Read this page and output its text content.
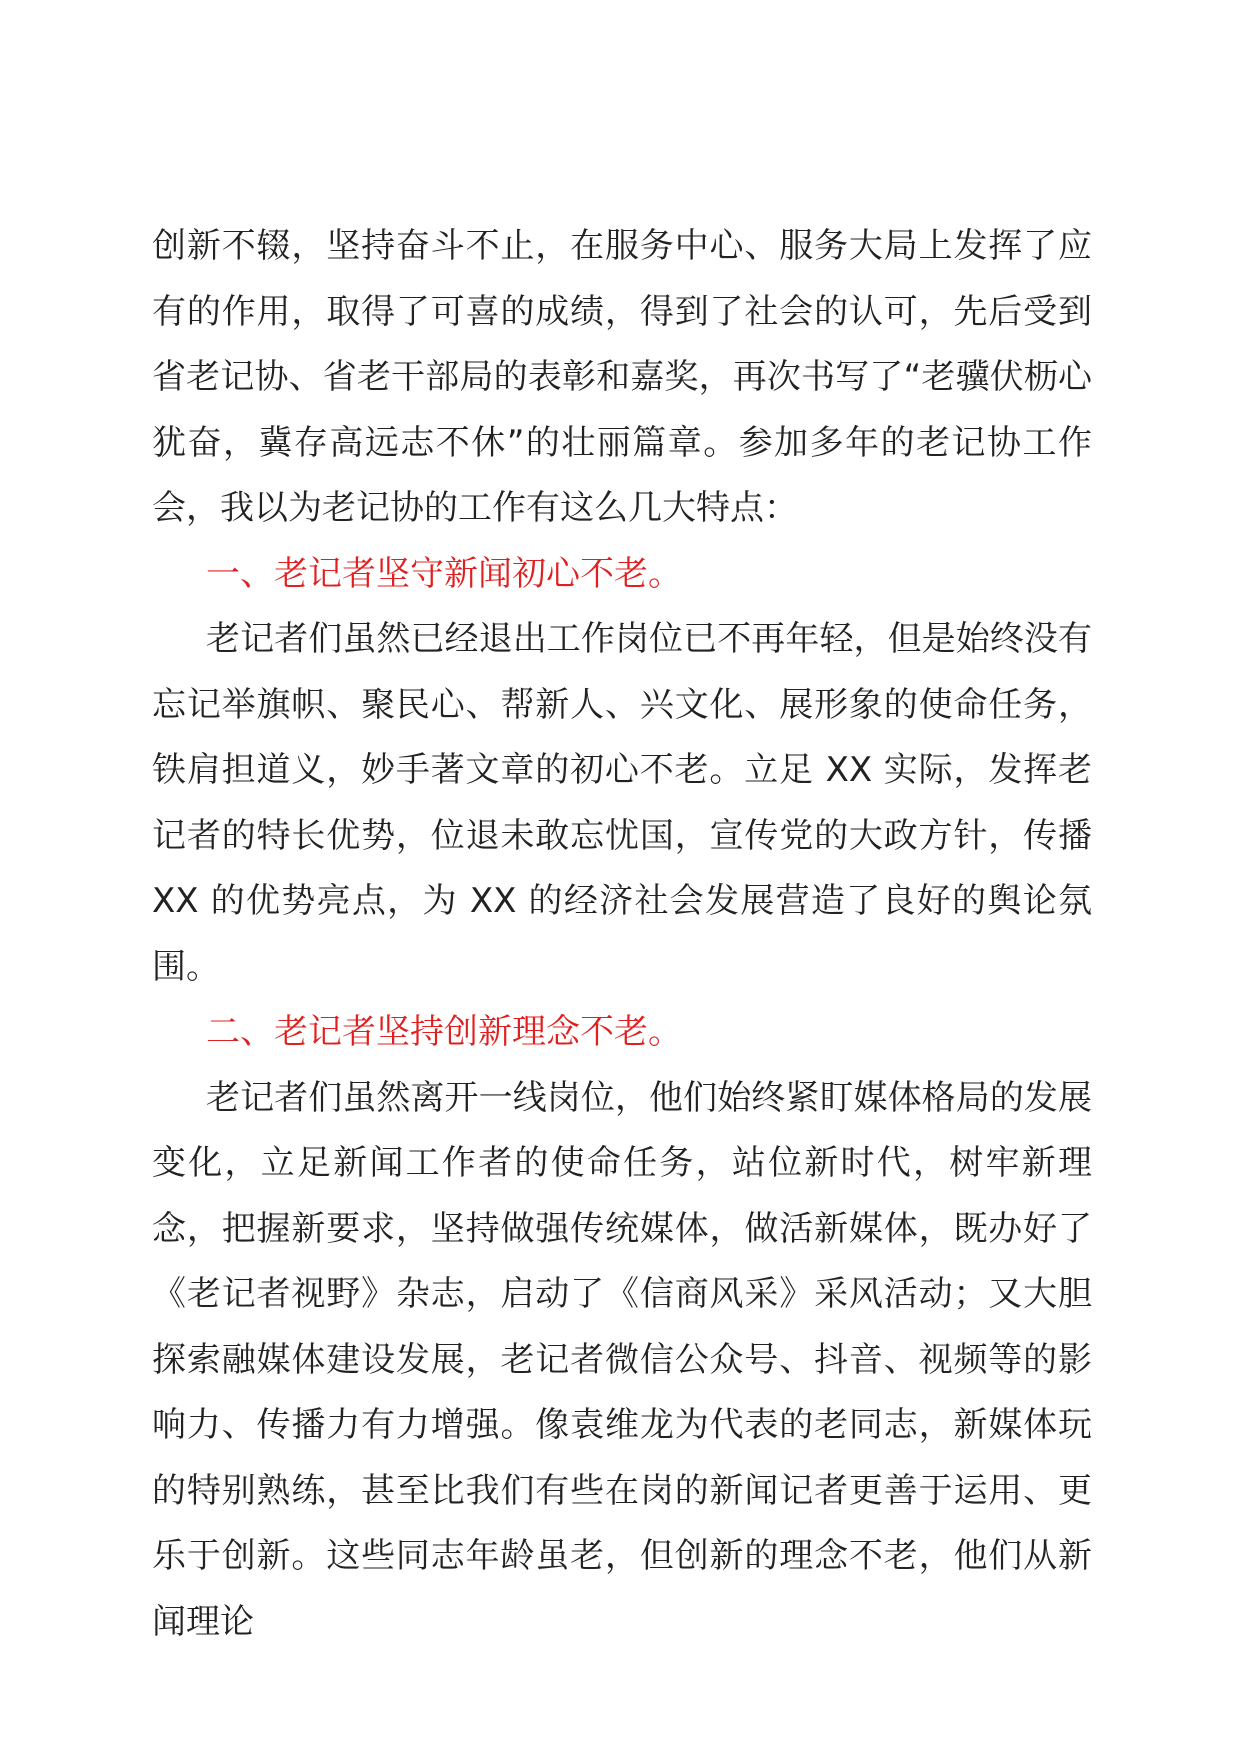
创新不辍，坚持奋斗不止，在服务中心、服务大局上发挥了应有的作用，取得了可喜的成绩，得到了社会的认可，先后受到省老记协、省老干部局的表彰和嘉奖，再次书写了“老骥伏枥心犹奋，冀存高远志不休”的壮丽篇章。参加多年的老记协工作会，我以为老记协的工作有这么几大特点：

一、老记者坚守新闻初心不老。

老记者们虽然已经退出工作岗位已不再年轻，但是始终没有忘记举旗帜、聚民心、帮新人、兴文化、展形象的使命任务，铁肩担道义，妙手著文章的初心不老。立足 XX 实际，发挥老记者的特长优势，位退未敢忘忧国，宣传党的大政方针，传播 XX 的优势亮点，为 XX 的经济社会发展营造了良好的舆论氛围。

二、老记者坚持创新理念不老。

老记者们虽然离开一线岗位，他们始终紧盯媒体格局的发展变化，立足新闻工作者的使命任务，站位新时代，树牢新理念，把握新要求，坚持做强传统媒体，做活新媒体，既办好了《老记者视野》杂志，启动了《信商风采》采风活动；又大胆探索融媒体建设发展，老记者微信公众号、抖音、视频等的影响力、传播力有力增强。像袁维龙为代表的老同志，新媒体玩的特别熟练，甚至比我们有些在岗的新闻记者更善于运用、更乐于创新。这些同志年龄虽老，但创新的理念不老，他们从新闻理论
